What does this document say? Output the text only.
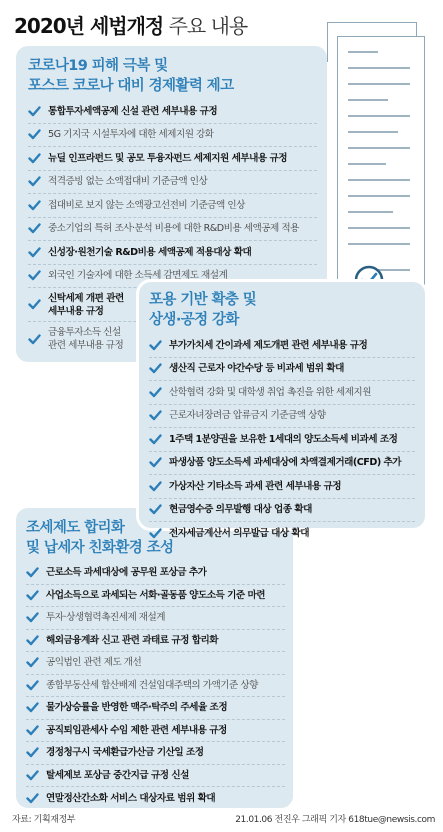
2020년 세법개정 주요 내용
코로나19 피해 극복 및
포스트 코로나 대비 경제활력 제고
통합투자세액공제 신설 관련 세부내용 규정
5G 기지국 시설투자에 대한 세제지원 강화
뉴딜 인프라펀드 및 공모 투융자펀드 세제지원 세부내용 규정
적격증빙 없는 소액접대비 기준금액 인상
접대비로 보지 않는 소액광고선전비 기준금액 인상
중소기업의 특허 조사·분석 비용에 대한 R&D비용 세액공제 적용
신성장·원천기술 R&D비용 세액공제 적용대상 확대
외국인 기술자에 대한 소득세 감면제도 재설계
신탁세제 개편 관련
세부내용 규정
금융투자소득 신설
관련 세부내용 규정
조세제도 합리화
및 납세자 친화환경 조성
근로소득 과세대상에 공무원 포상금 추가
사업소득으로 과세되는 서화·골동품 양도소득 기준 마련
투자·상생협력촉진세제 재설계
해외금융계좌 신고 관련 과태료 규정 합리화
공익법인 관련 제도 개선
종합부동산세 합산배제 건설임대주택의 가액기준 상향
물가상승률을 반영한 맥주·탁주의 주세율 조정
공직퇴임관세사 수임 제한 관련 세부내용 규정
경정청구시 국세환급가산금 기산일 조정
탈세제보 포상금 중간지급 규정 신설
연말정산간소화 서비스 대상자료 범위 확대
포용 기반 확충 및
상생·공정 강화
부가가치세 간이과세 제도개편 관련 세부내용 규정
생산직 근로자 야간수당 등 비과세 범위 확대
산학협력 강화 및 대학생 취업 촉진을 위한 세제지원
근로자녀장려금 압류금지 기준금액 상향
1주택 1분양권을 보유한 1세대의 양도소득세 비과세 조정
파생상품 양도소득세 과세대상에 차액결제거래(CFD) 추가
가상자산 기타소득 과세 관련 세부내용 규정
현금영수증 의무발행 대상 업종 확대
전자세금계산서 의무발급 대상 확대
자료: 기획재정부	21.01.06 전진우 그래픽 기자 618tue@newsis.com
